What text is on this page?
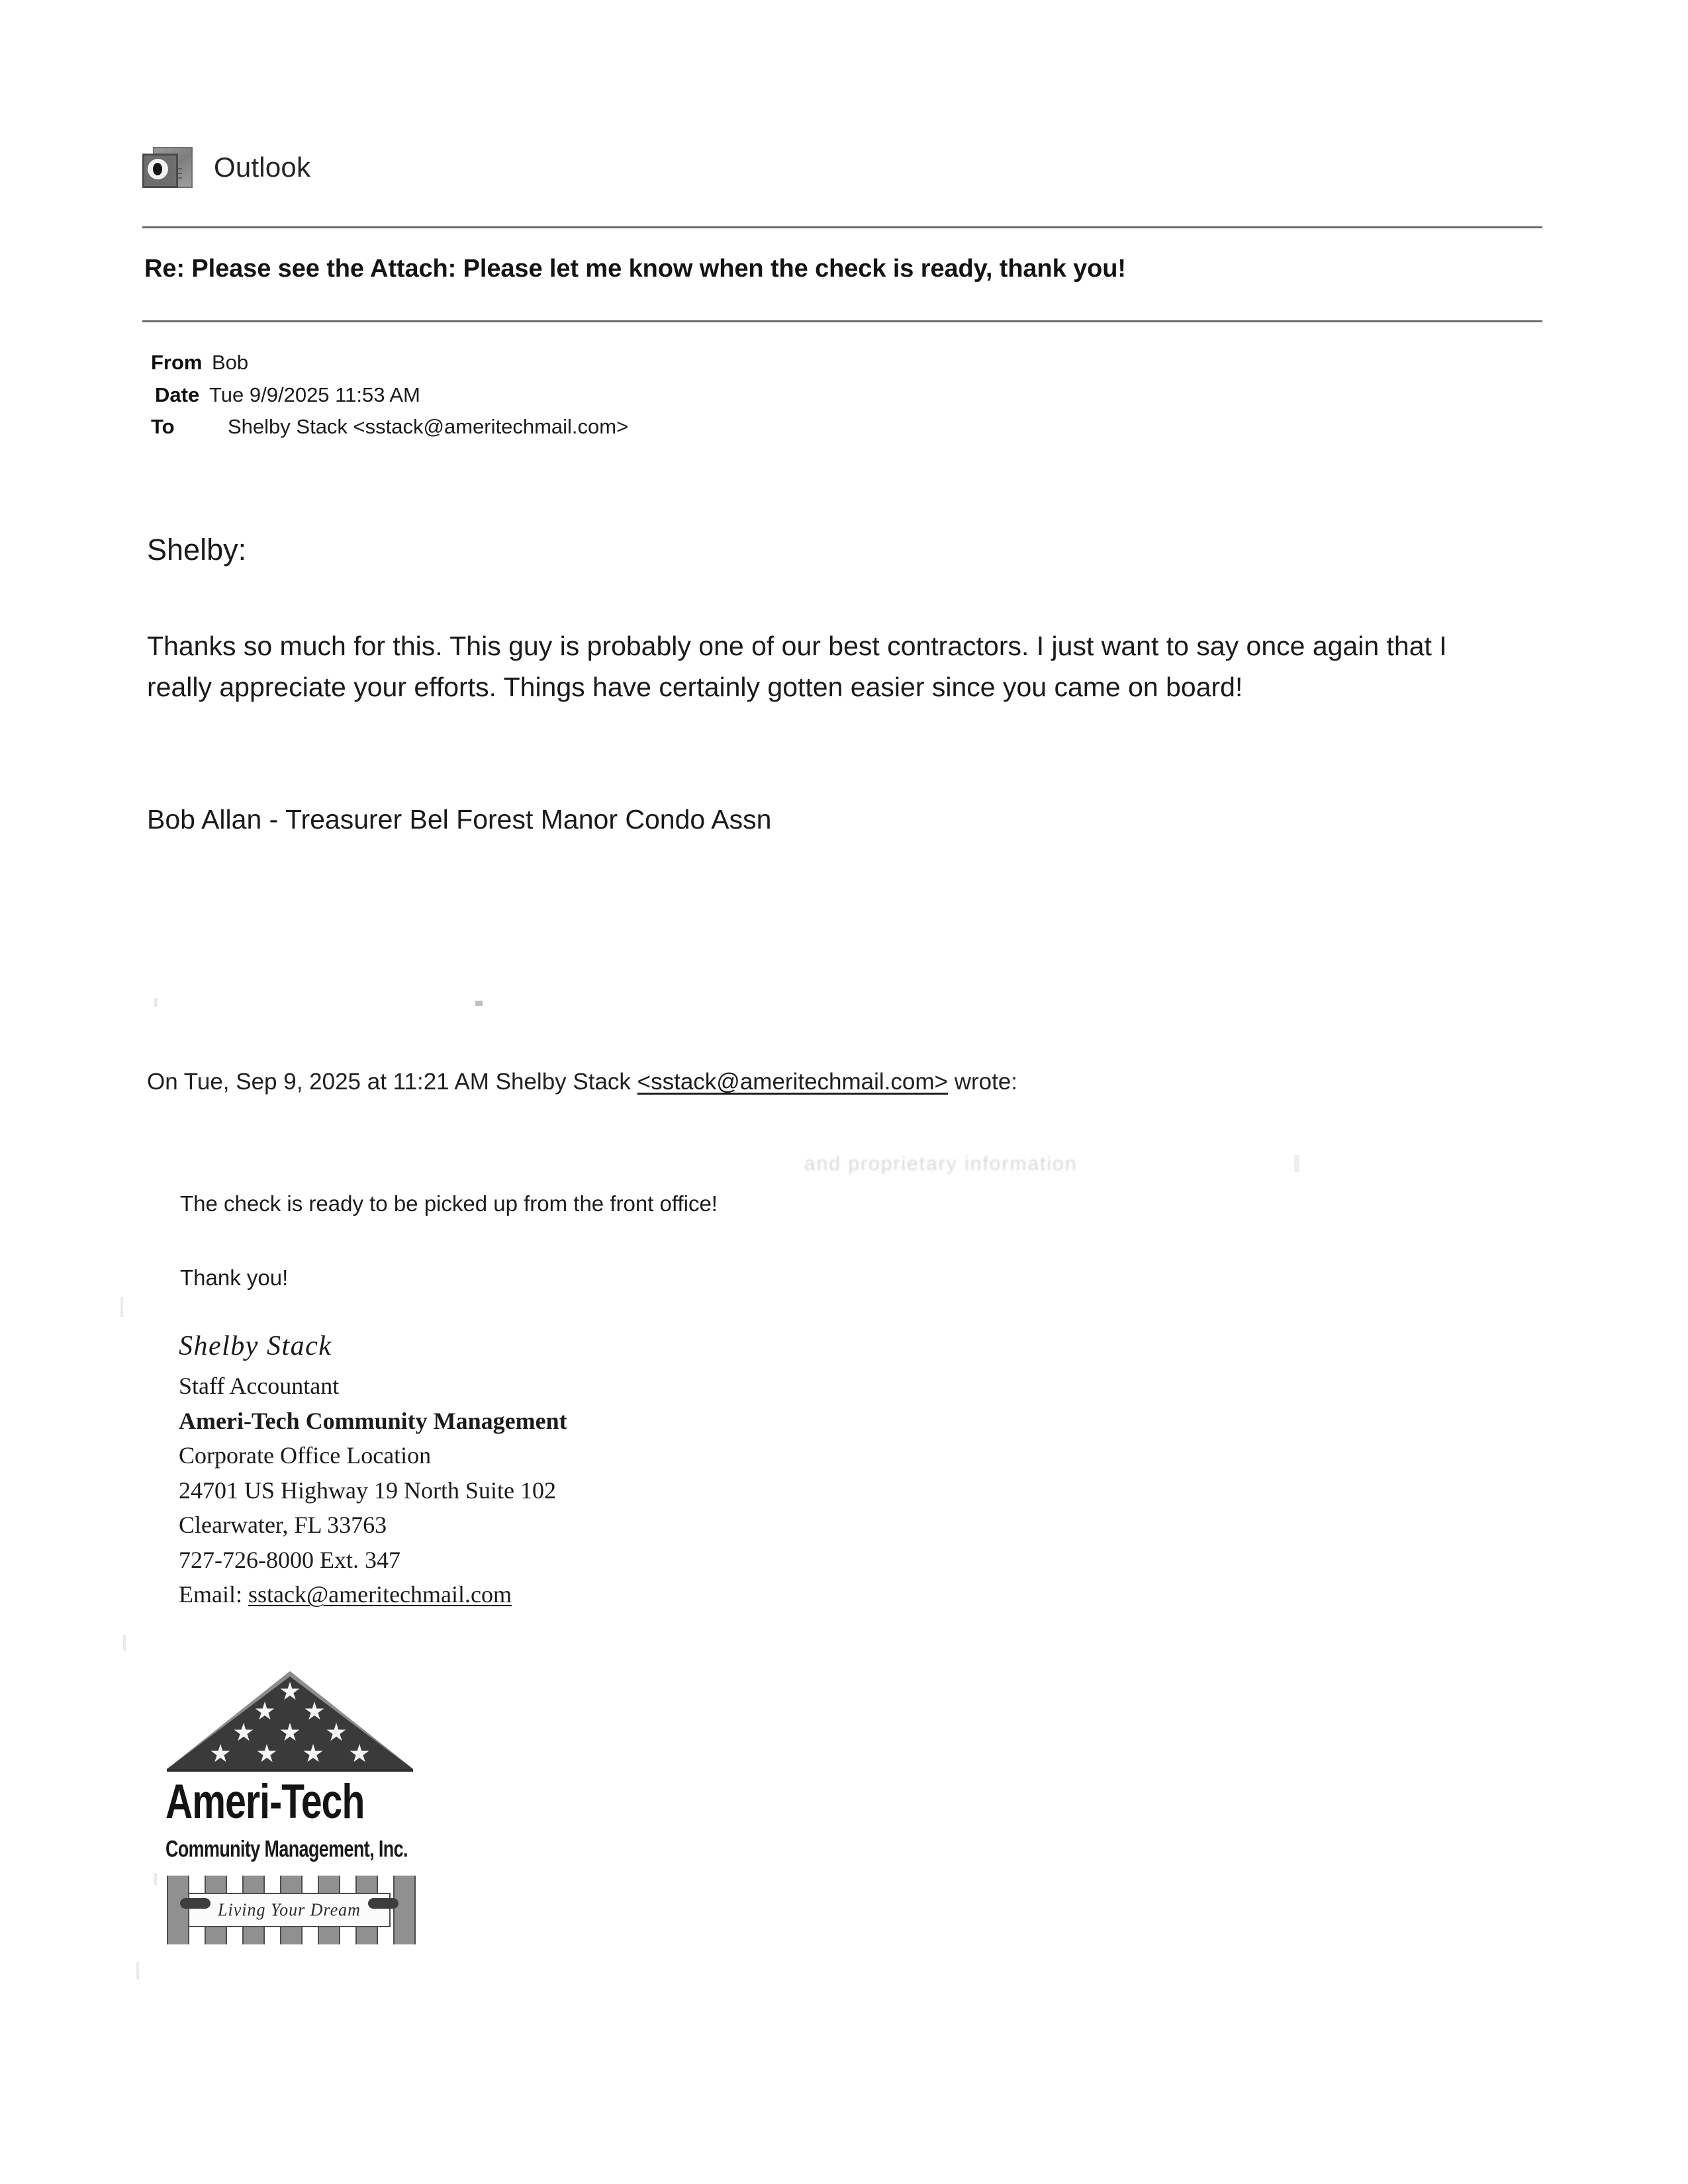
and proprietary information
Outlook
Re: Please see the Attach: Please let me know when the check is ready, thank you!
From Bob
Date Tue 9/9/2025 11:53 AM
To	Shelby Stack <sstack@ameritechmail.com>
Shelby:
Thanks so much for this. This guy is probably one of our best contractors. I just want to say once again that I really appreciate your efforts. Things have certainly gotten easier since you came on board!
Bob Allan - Treasurer Bel Forest Manor Condo Assn
On Tue, Sep 9, 2025 at 11:21 AM Shelby Stack <sstack@ameritechmail.com> wrote:
The check is ready to be picked up from the front office!
Thank you!
Shelby Stack
Staff Accountant
Ameri-Tech Community Management
Corporate Office Location
24701 US Highway 19 North Suite 102
Clearwater, FL 33763
727-726-8000 Ext. 347
Email: sstack@ameritechmail.com
Ameri-Tech
Community Management, Inc.
Living Your Dream
